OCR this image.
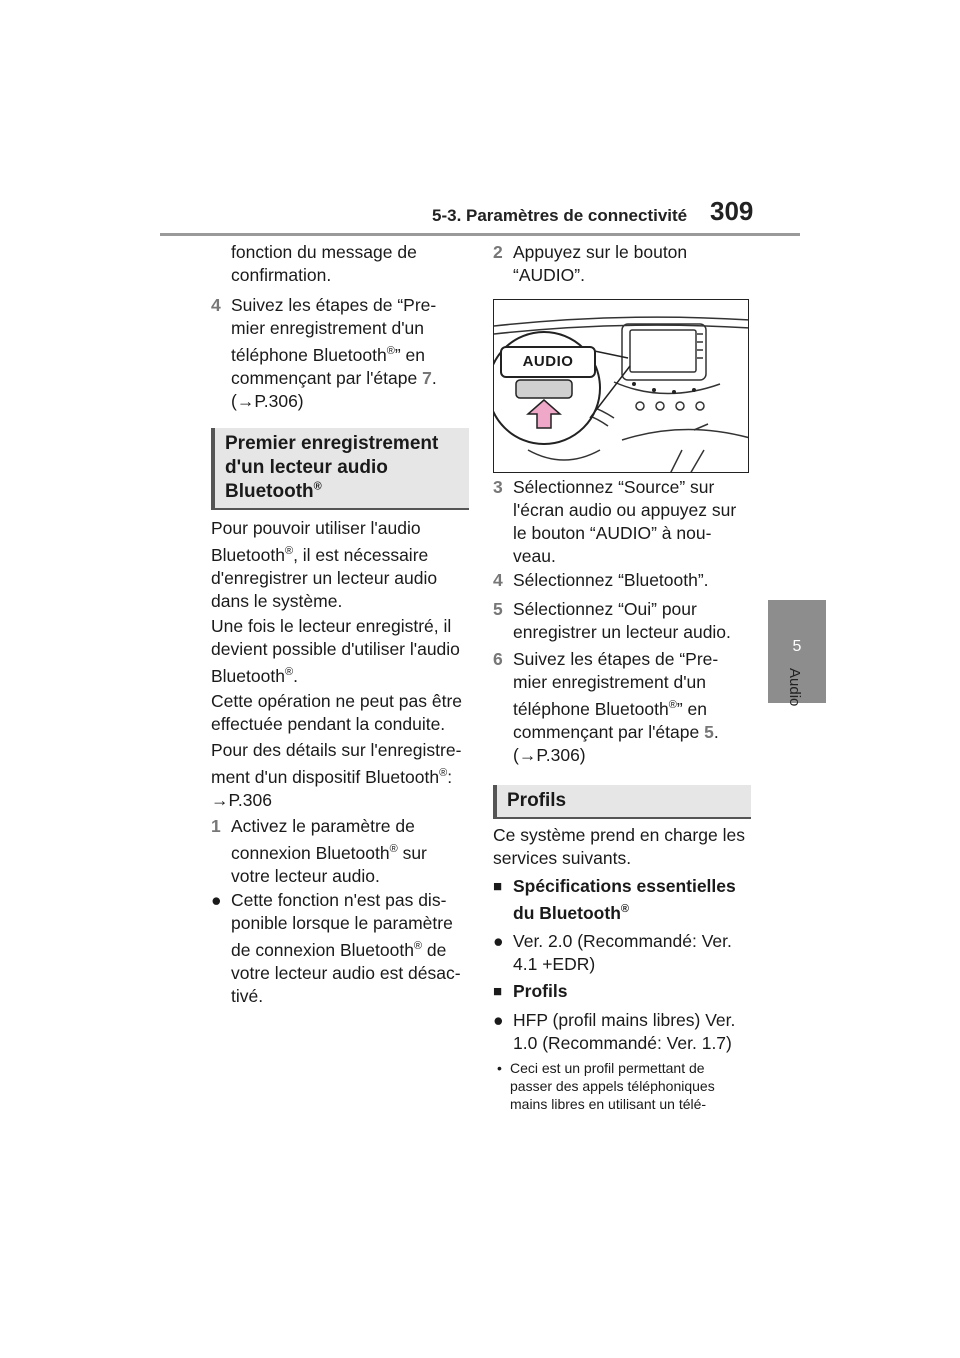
5-3. Paramètres de connectivité 309
5
Audio
fonction du message de
confirmation.
4 Suivez les étapes de “Pre-
mier enregistrement d'un
téléphone Bluetooth®” en
commençant par l'étape 7.
(→P.306)
Premier enregistrement
d'un lecteur audio
Bluetooth®
Pour pouvoir utiliser l'audio
Bluetooth®, il est nécessaire
d'enregistrer un lecteur audio
dans le système.
Une fois le lecteur enregistré, il
devient possible d'utiliser l'audio
Bluetooth®.
Cette opération ne peut pas être
effectuée pendant la conduite.
Pour des détails sur l'enregistre-
ment d'un dispositif Bluetooth®:
→P.306
1 Activez le paramètre de
connexion Bluetooth® sur
votre lecteur audio.
● Cette fonction n'est pas dis-
ponible lorsque le paramètre
de connexion Bluetooth® de
votre lecteur audio est désac-
tivé.
2 Appuyez sur le bouton
“AUDIO”.
3 Sélectionnez “Source” sur
l'écran audio ou appuyez sur
le bouton “AUDIO” à nou-
veau.
4 Sélectionnez “Bluetooth”.
5 Sélectionnez “Oui” pour
enregistrer un lecteur audio.
6 Suivez les étapes de “Pre-
mier enregistrement d'un
téléphone Bluetooth®” en
commençant par l'étape 5.
(→P.306)
Profils
Ce système prend en charge les
services suivants.
■ Spécifications essentielles
du Bluetooth®
● Ver. 2.0 (Recommandé: Ver.
4.1 +EDR)
■ Profils
● HFP (profil mains libres) Ver.
1.0 (Recommandé: Ver. 1.7)
• Ceci est un profil permettant de
passer des appels téléphoniques
mains libres en utilisant un télé-
AUDIO
